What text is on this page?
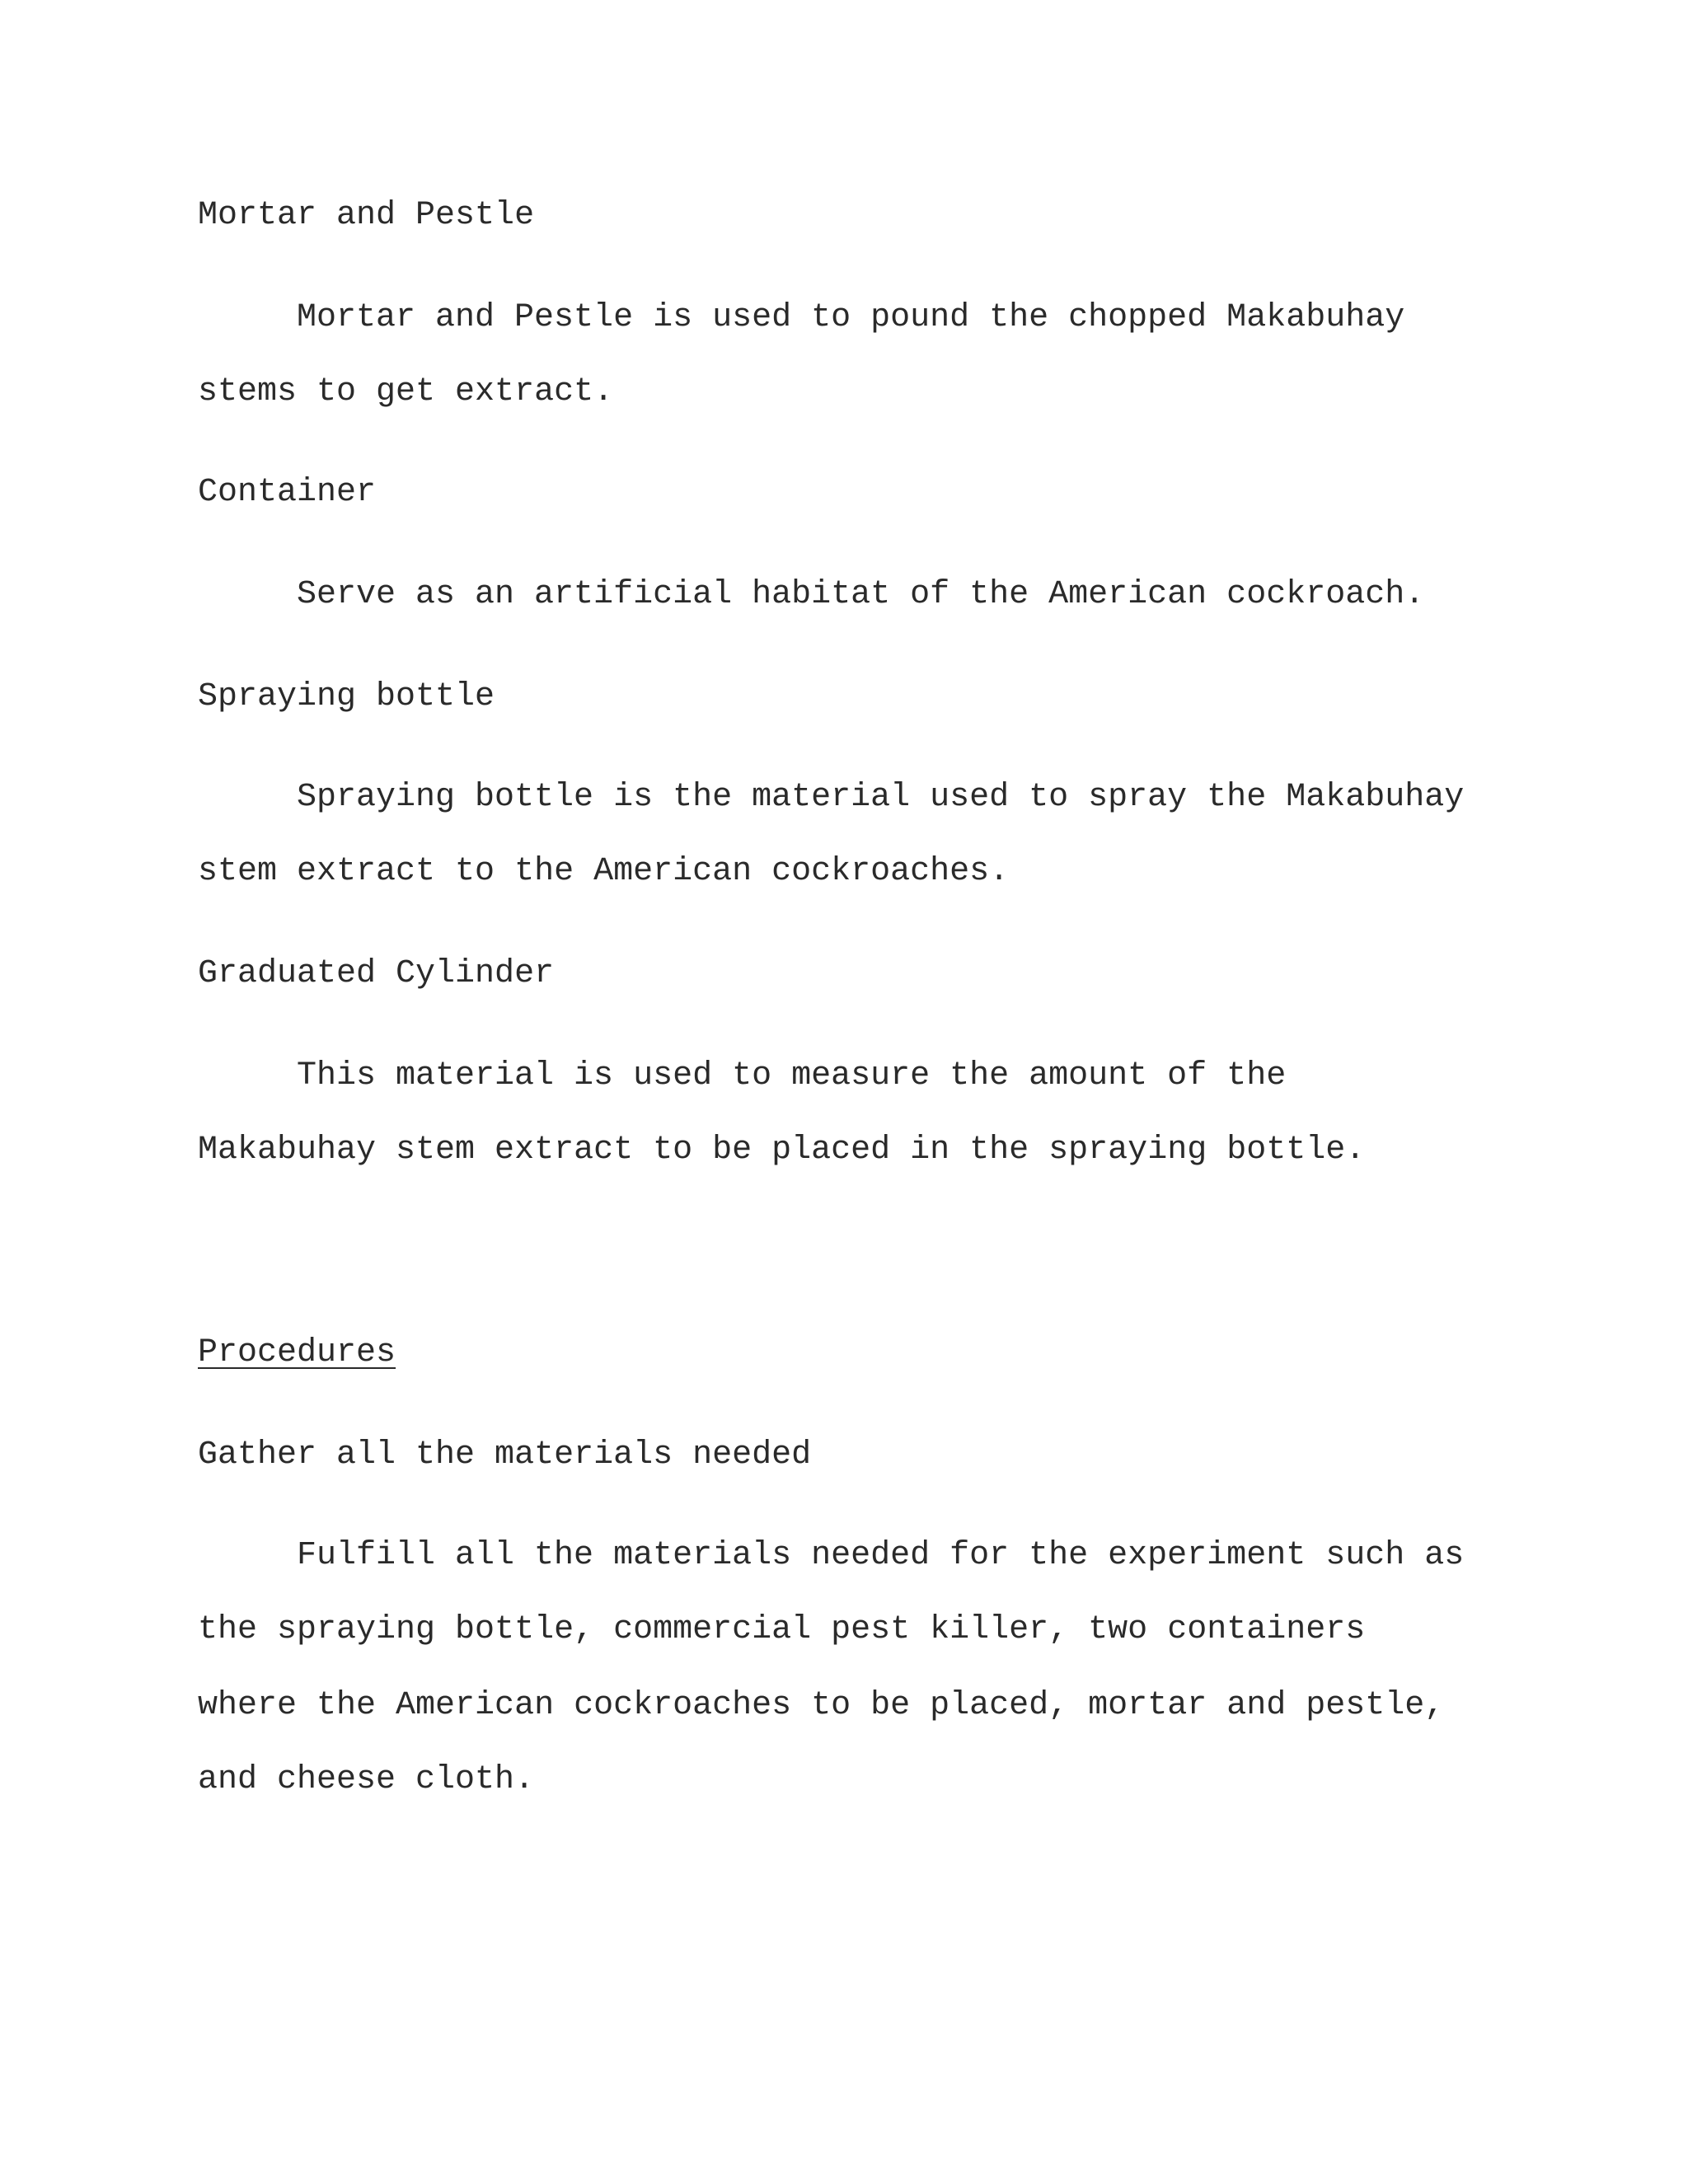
Mortar and Pestle
Mortar and Pestle is used to pound the chopped Makabuhay
stems to get extract.
Container
Serve as an artificial habitat of the American cockroach.
Spraying bottle
Spraying bottle is the material used to spray the Makabuhay
stem extract to the American cockroaches.
Graduated Cylinder
This material is used to measure the amount of the
Makabuhay stem extract to be placed in the spraying bottle.
Procedures
Gather all the materials needed
Fulfill all the materials needed for the experiment such as
the spraying bottle, commercial pest killer, two containers
where the American cockroaches to be placed, mortar and pestle,
and cheese cloth.
